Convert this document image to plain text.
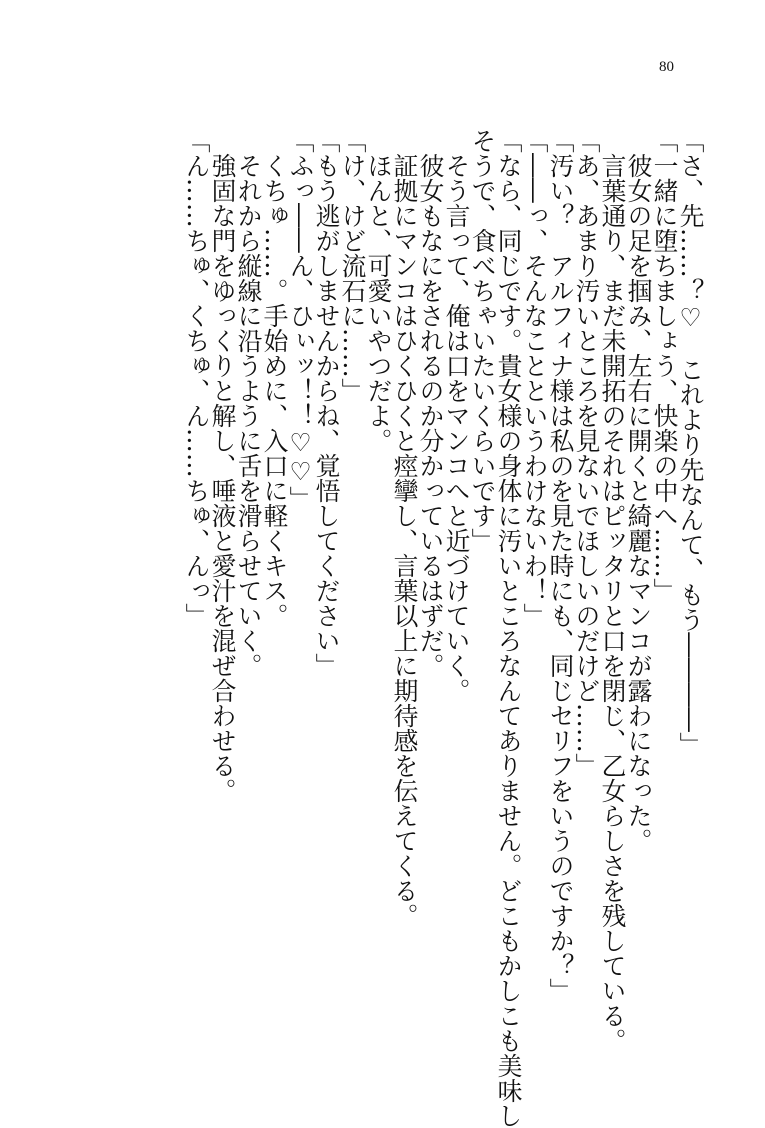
80
「さ、先……？♡　これより先なんて、もう――――」
「一緒に堕ちましょう、快楽の中へ……」
　彼女の足を掴み、左右に開くと綺麗なマンコが露わになった。
　言葉通り、まだ未開拓のそれはピッタリと口を閉じ、乙女らしさを残している。
「あ、あまり汚いところを見ないでほしいのだけど……」
「汚い？　アルフィナ様は私のを見た時にも、同じセリフをいうのですか？」
「――っ、そんなことというわけないわ！」
「なら、同じです。貴女様の身体に汚いところなんてありません。どこもかしこも美味し
そうで、食べちゃいたいくらいです」
　そう言って、俺は口をマンコへと近づけていく。
　彼女もなにをされるのか分かっているはずだ。
　証拠にマンコはひくひくと痙攣し、言葉以上に期待感を伝えてくる。
　ほんと、可愛いやつだよ。
「け、けど流石に……」
「もう逃がしませんからね、覚悟してください」
「ふっ――ん、ひぃッ！！♡♡」
　くちゅ……。手始めに、入口に軽くキス。
　それから縦線に沿うように舌を滑らせていく。
　強固な門をゆっくりと解し、唾液と愛汁を混ぜ合わせる。
「ん……ちゅ、くちゅ、ん……ちゅ、んっ」
